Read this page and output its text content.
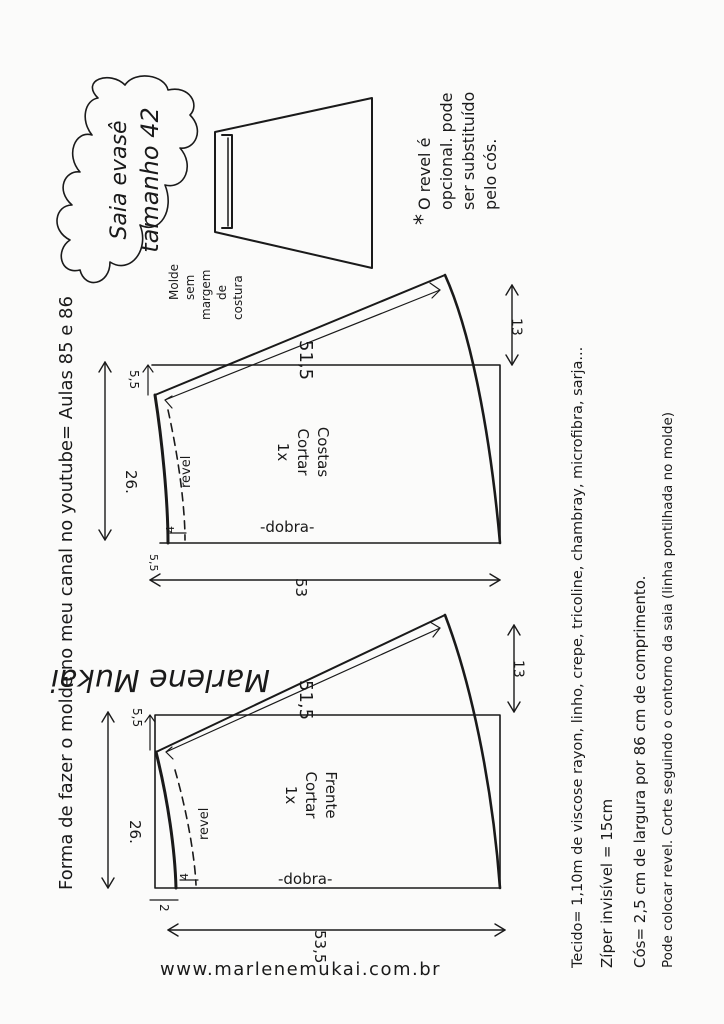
Saia evasê tamanho 42	*
O revel é opcional. pode ser substituído pelo cós.
Molde sem margem de costura
Forma de fazer o molde no meu canal no youtube= Aulas 85 e 86	51,5
26.
5,5
13
53
5,5
revel
4	-dobra-
Costas
Cortar
1x
Marlene Mukai
51,5
26.
5,5
13
53,5
2
revel
4	-dobra-
Frente
Cortar
1x	Tecido= 1,10m de viscose rayon, linho, crepe, tricoline, chambray, microfibra, sarja... Zíper invisível = 15cm Cós= 2,5 cm de largura por 86 cm de comprimento. Pode colocar revel. Corte seguindo o contorno da saia (linha pontilhada no molde)
www.marlenemukai.com.br
